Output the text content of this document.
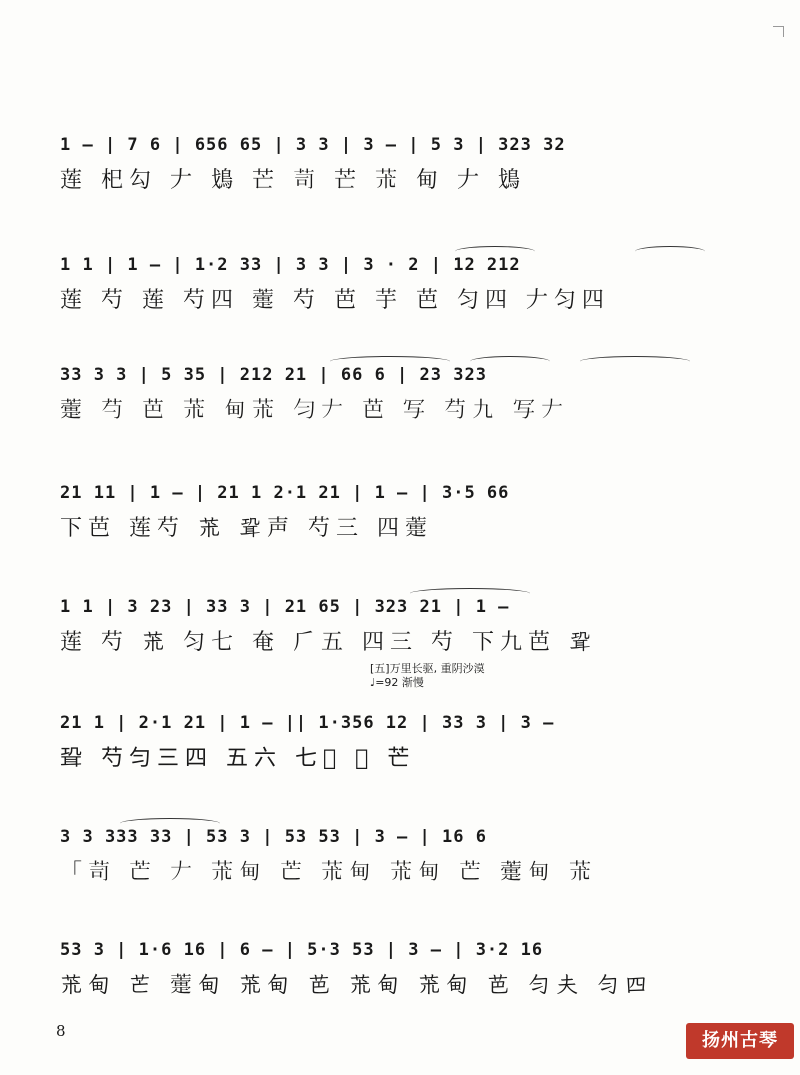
1 — | 7 6 | 656 65 | 3 3 | 3 — | 5 3 | 323 32
莲 𣏌勾 𠂇 𩾷 芒 𦭡 芒 𦬸 甸 𠂇 𩾷
1 1 | 1 — | 1·2 33 | 3 3 | 3 · 2 | 12 212
莲 芍 莲 芍四 𧁏 芍 芭 芋 芭 匀四 𠂇匀四
33 3 3 | 5 35 | 212 21 | 66 6 | 23 323
𧁏 芍 芭 𦬸 甸𦬸 匀𠂇 芭 写 芍九 写𠂇
21 11 | 1 — | 21 1 2·1 21 | 1 — | 3·5 66
下芭 莲芍 𦬸 𦕓声 芍三 四𧁏
1 1 | 3 23 | 33 3 | 21 65 | 323 21 | 1 —
莲 芍 𦬸 匀七 奄 𠂆五 四三 芍 下九芭 𦕓
[五]万里长驱, 重阴沙漠
♩=92 渐慢
21 1 | 2·1 21 | 1 — || 1·356 12 | 33 3 | 3 —
𦕓 芍匀三四 五六 七𡗶 𦭡 芒
3 3 333 33 | 53 3 | 53 53 | 3 — | 16 6
「𦭡 芒 𠂇 𦬸甸 芒 𦬸甸 𦬸甸 芒 𧁏甸 𦬸
53 3 | 1·6 16 | 6 — | 5·3 53 | 3 — | 3·2 16
𦬸甸 芒 𧁏甸 𦬸甸 芭 𦬸甸 𦬸甸 芭 匀夫 匀四
8	扬州古琴
